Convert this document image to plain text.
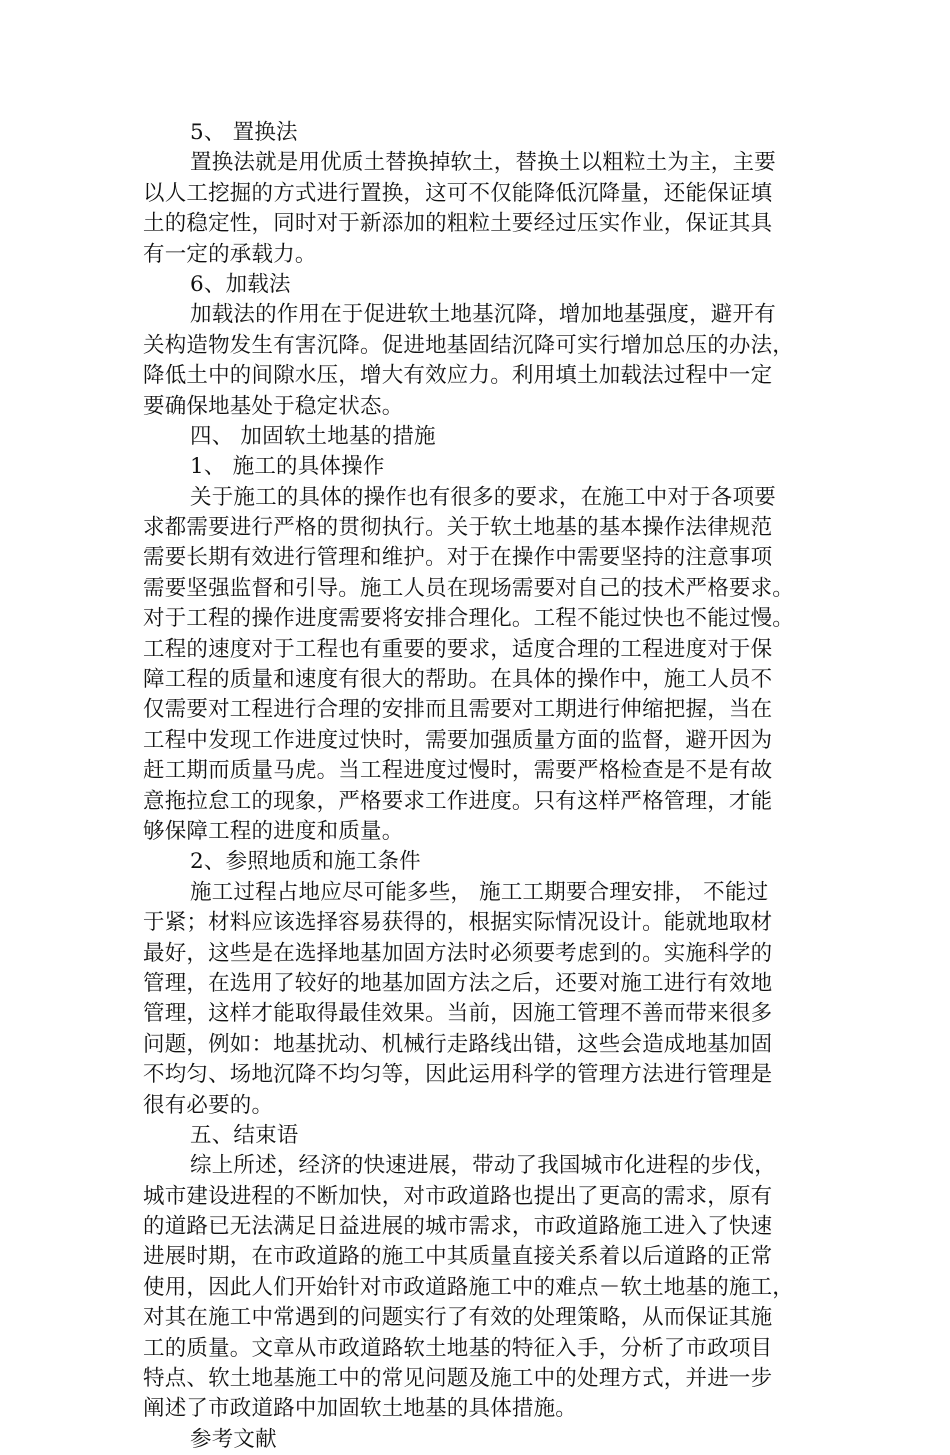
5、 置换法
置换法就是用优质土替换掉软土，替换土以粗粒土为主，主要
以人工挖掘的方式进行置换，这可不仅能降低沉降量，还能保证填
土的稳定性，同时对于新添加的粗粒土要经过压实作业，保证其具
有一定的承载力。
6、加载法
加载法的作用在于促进软土地基沉降，增加地基强度，避开有
关构造物发生有害沉降。促进地基固结沉降可实行增加总压的办法，
降低土中的间隙水压，增大有效应力。利用填土加载法过程中一定
要确保地基处于稳定状态。
四、 加固软土地基的措施
1、 施工的具体操作
关于施工的具体的操作也有很多的要求，在施工中对于各项要
求都需要进行严格的贯彻执行。关于软土地基的基本操作法律规范
需要长期有效进行管理和维护。对于在操作中需要坚持的注意事项
需要坚强监督和引导。施工人员在现场需要对自己的技术严格要求。
对于工程的操作进度需要将安排合理化。工程不能过快也不能过慢。
工程的速度对于工程也有重要的要求，适度合理的工程进度对于保
障工程的质量和速度有很大的帮助。在具体的操作中，施工人员不
仅需要对工程进行合理的安排而且需要对工期进行伸缩把握，当在
工程中发现工作进度过快时，需要加强质量方面的监督，避开因为
赶工期而质量马虎。当工程进度过慢时，需要严格检查是不是有故
意拖拉怠工的现象，严格要求工作进度。只有这样严格管理，才能
够保障工程的进度和质量。
2、参照地质和施工条件
施工过程占地应尽可能多些， 施工工期要合理安排， 不能过
于紧；材料应该选择容易获得的，根据实际情况设计。能就地取材
最好，这些是在选择地基加固方法时必须要考虑到的。实施科学的
管理，在选用了较好的地基加固方法之后，还要对施工进行有效地
管理，这样才能取得最佳效果。当前，因施工管理不善而带来很多
问题，例如：地基扰动、机械行走路线出错，这些会造成地基加固
不均匀、场地沉降不均匀等，因此运用科学的管理方法进行管理是
很有必要的。
五、结束语
综上所述，经济的快速进展，带动了我国城市化进程的步伐，
城市建设进程的不断加快，对市政道路也提出了更高的需求，原有
的道路已无法满足日益进展的城市需求，市政道路施工进入了快速
进展时期，在市政道路的施工中其质量直接关系着以后道路的正常
使用，因此人们开始针对市政道路施工中的难点－软土地基的施工，
对其在施工中常遇到的问题实行了有效的处理策略，从而保证其施
工的质量。文章从市政道路软土地基的特征入手，分析了市政项目
特点、软土地基施工中的常见问题及施工中的处理方式，并进一步
阐述了市政道路中加固软土地基的具体措施。
参考文献
